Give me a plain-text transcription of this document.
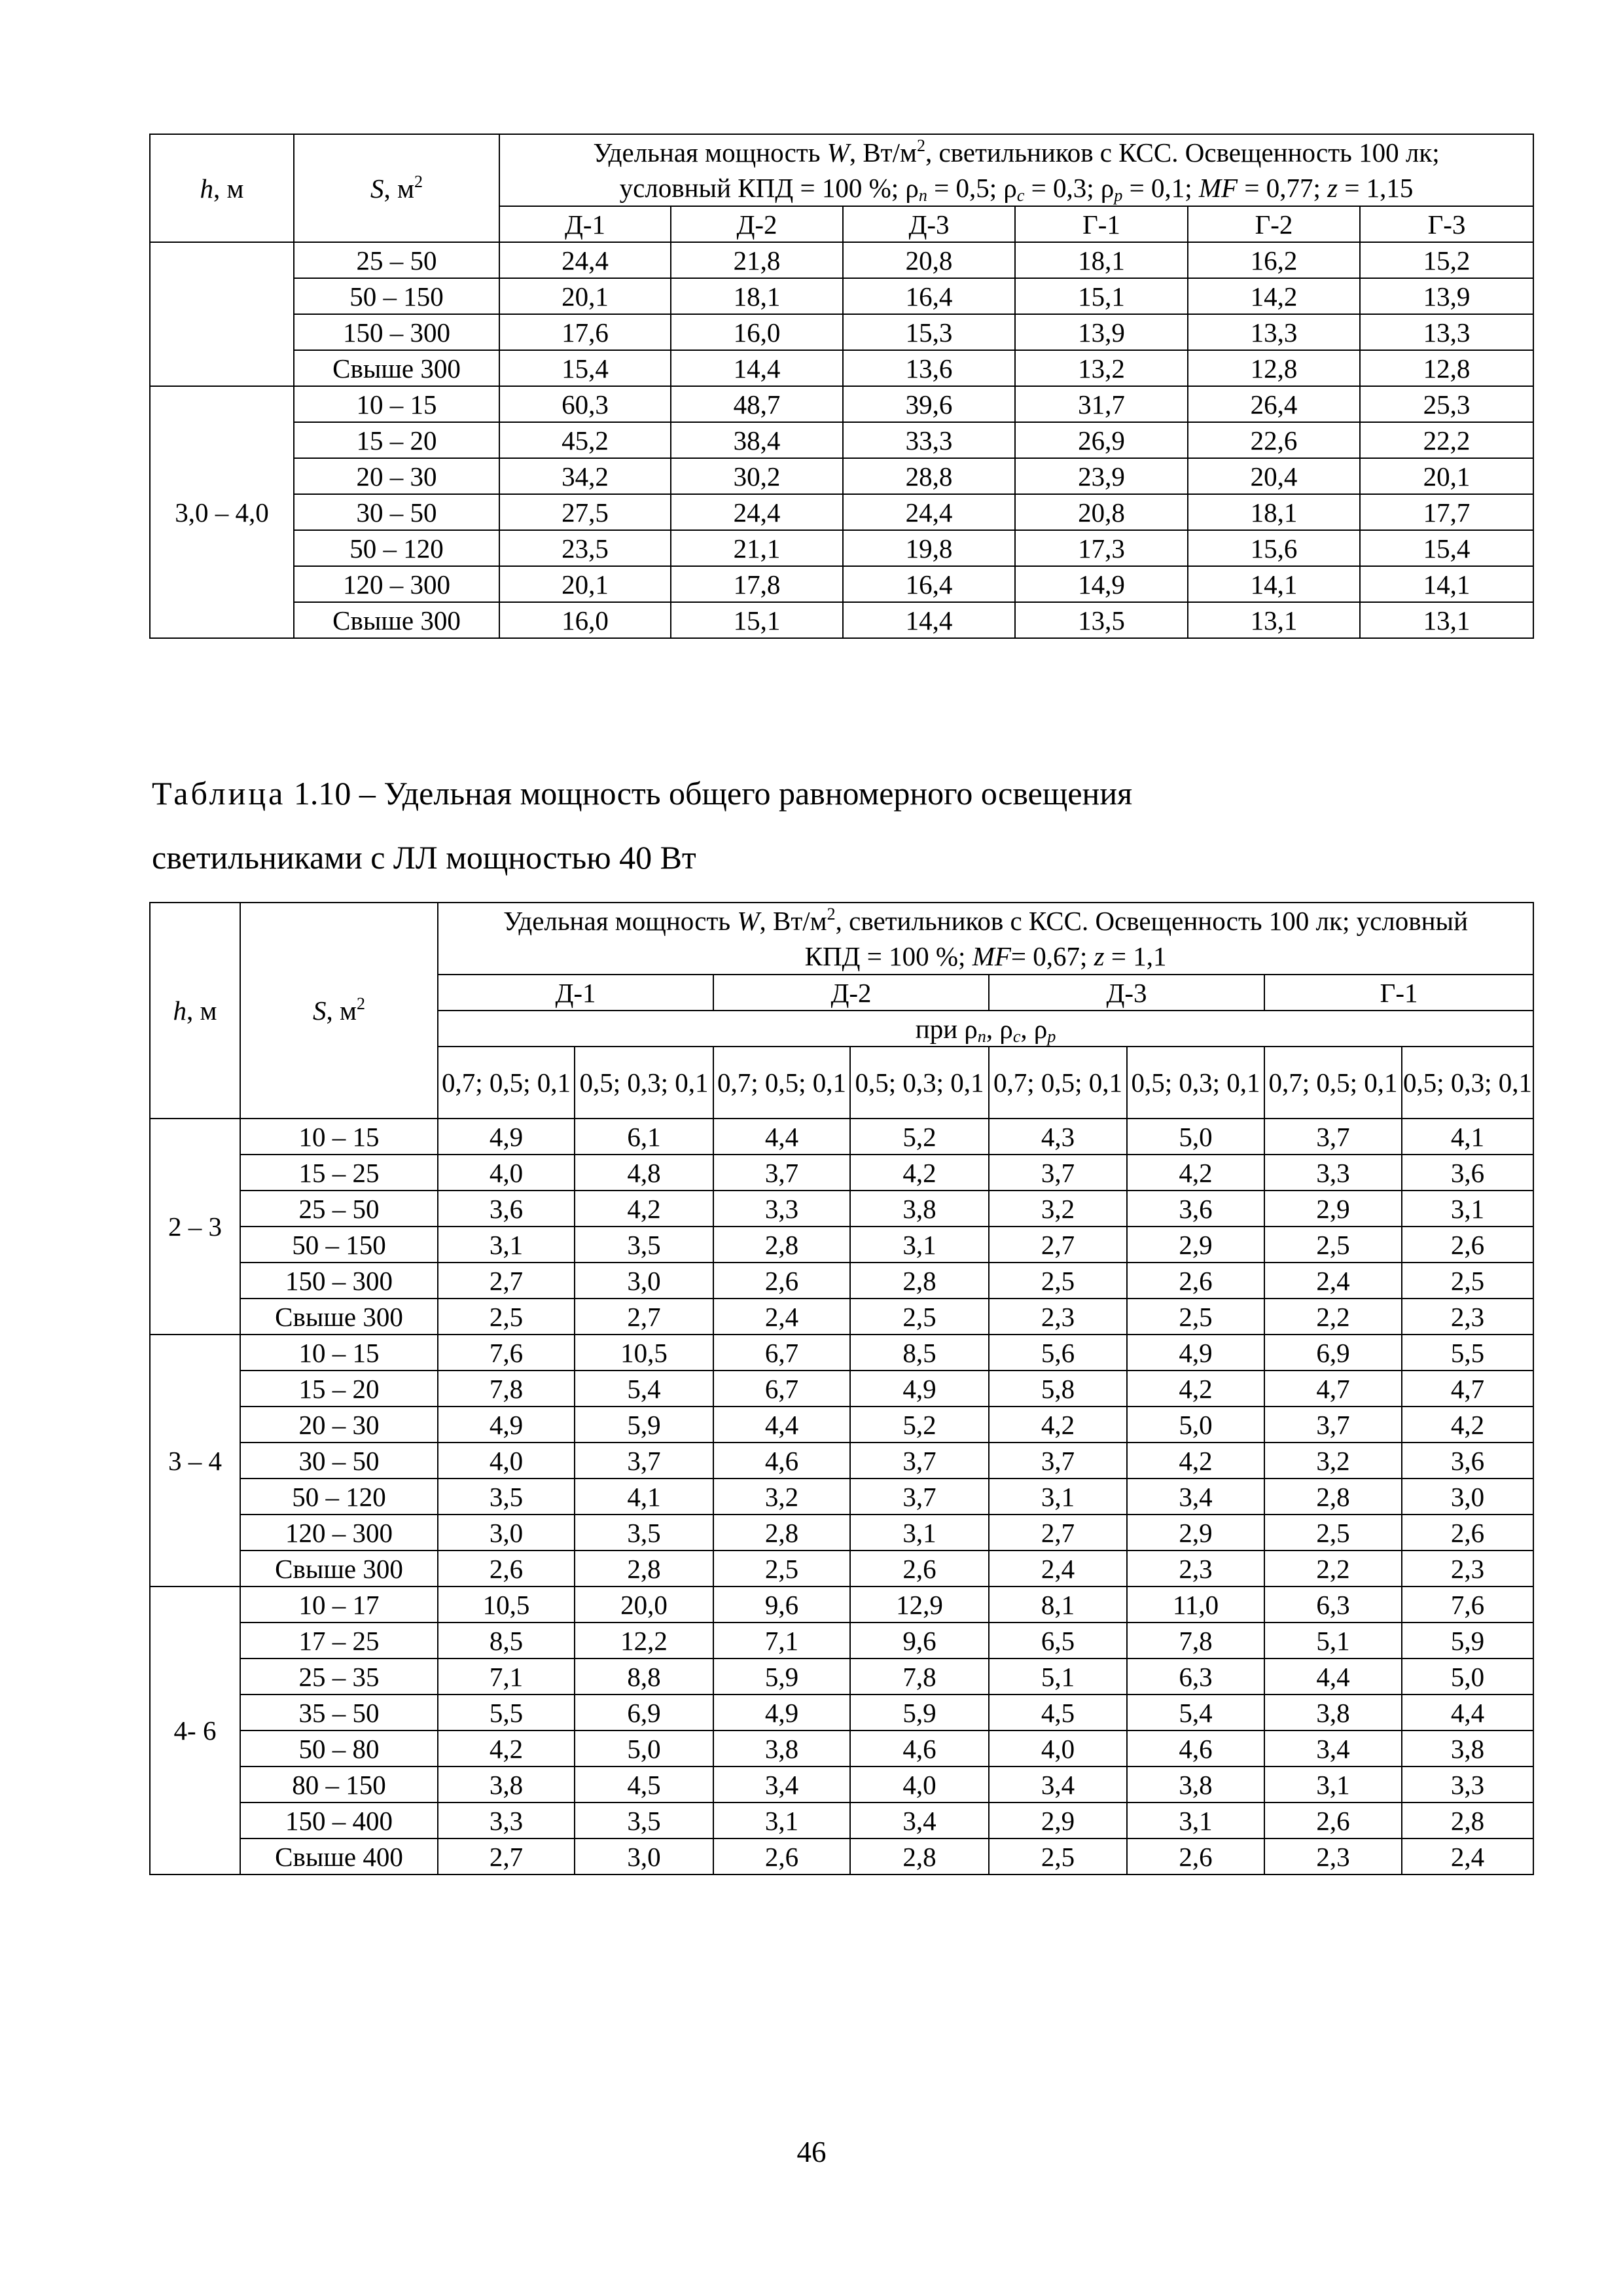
h, м	S, $м^2$	Удельная мощность W, $Вт/м^2$, светильников с КСС. Освещенность 100 лк;					
		условный КПД = 100 %; $\rho_п = 0,5$; $\rho_с = 0,3$; $\rho_р = 0,1$; MF = 0,77; z = 1,15					
		Д-1	Д-2	Д-3	Г-1	Г-2	Г-3
	25 – 50	24,4	21,8	20,8	18,1	16,2	15,2
	50 – 150	20,1	18,1	16,4	15,1	14,2	13,9
	150 – 300	17,6	16,0	15,3	13,9	13,3	13,3
	Свыше 300	15,4	14,4	13,6	13,2	12,8	12,8
3,0 – 4,0	10 – 15	60,3	48,7	39,6	31,7	26,4	25,3
	15 – 20	45,2	38,4	33,3	26,9	22,6	22,2
	20 – 30	34,2	30,2	28,8	23,9	20,4	20,1
	30 – 50	27,5	24,4	24,4	20,8	18,1	17,7
	50 – 120	23,5	21,1	19,8	17,3	15,6	15,4
	120 – 300	20,1	17,8	16,4	14,9	14,1	14,1
	Свыше 300	16,0	15,1	14,4	13,5	13,1	13,1
Таблица 1.10 – Удельная мощность общего равномерного освещения
светильниками с ЛЛ мощностью 40 Вт
h, м	S, $м^2$	Удельная мощность W, $Вт/м^2$, светильников с КСС. Освещенность 100 лк; условный							
		КПД = 100 %; MF= 0,67; z = 1,1							
		Д-1		Д-2		Д-3		Г-1	
		при $\rho_п$, $\rho_с$, $\rho_р$
		0,7; 0,5; 0,1	0,5; 0,3; 0,1	0,7; 0,5; 0,1	0,5; 0,3; 0,1	0,7; 0,5; 0,1	0,5; 0,3; 0,1	0,7; 0,5; 0,1	0,5; 0,3; 0,1
2 – 3	10 – 15	4,9	6,1	4,4	5,2	4,3	5,0	3,7	4,1
	15 – 25	4,0	4,8	3,7	4,2	3,7	4,2	3,3	3,6
	25 – 50	3,6	4,2	3,3	3,8	3,2	3,6	2,9	3,1
	50 – 150	3,1	3,5	2,8	3,1	2,7	2,9	2,5	2,6
	150 – 300	2,7	3,0	2,6	2,8	2,5	2,6	2,4	2,5
	Свыше 300	2,5	2,7	2,4	2,5	2,3	2,5	2,2	2,3
3 – 4	10 – 15	7,6	10,5	6,7	8,5	5,6	4,9	6,9	5,5
	15 – 20	7,8	5,4	6,7	4,9	5,8	4,2	4,7	4,7
	20 – 30	4,9	5,9	4,4	5,2	4,2	5,0	3,7	4,2
	30 – 50	4,0	3,7	4,6	3,7	3,7	4,2	3,2	3,6
	50 – 120	3,5	4,1	3,2	3,7	3,1	3,4	2,8	3,0
	120 – 300	3,0	3,5	2,8	3,1	2,7	2,9	2,5	2,6
	Свыше 300	2,6	2,8	2,5	2,6	2,4	2,3	2,2	2,3
4- 6	10 – 17	10,5	20,0	9,6	12,9	8,1	11,0	6,3	7,6
	17 – 25	8,5	12,2	7,1	9,6	6,5	7,8	5,1	5,9
	25 – 35	7,1	8,8	5,9	7,8	5,1	6,3	4,4	5,0
	35 – 50	5,5	6,9	4,9	5,9	4,5	5,4	3,8	4,4
	50 – 80	4,2	5,0	3,8	4,6	4,0	4,6	3,4	3,8
	80 – 150	3,8	4,5	3,4	4,0	3,4	3,8	3,1	3,3
	150 – 400	3,3	3,5	3,1	3,4	2,9	3,1	2,6	2,8
	Свыше 400	2,7	3,0	2,6	2,8	2,5	2,6	2,3	2,4
46
